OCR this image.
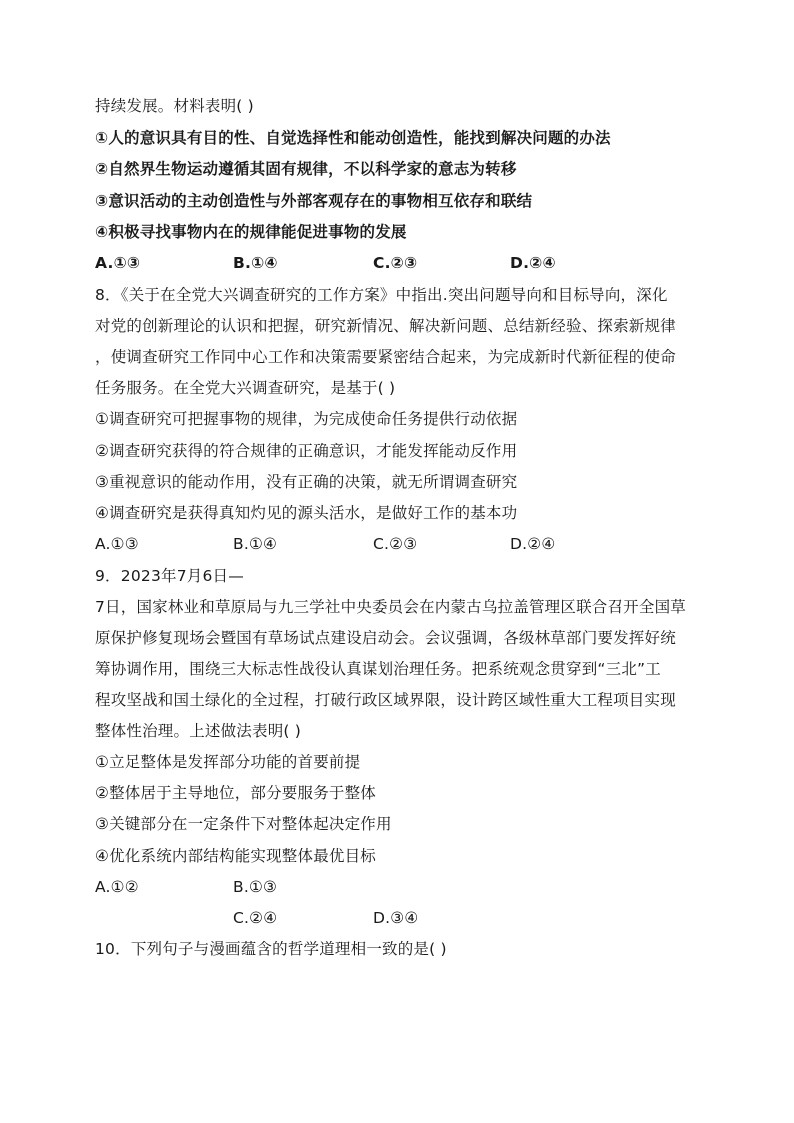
持续发展。材料表明( )
①人的意识具有目的性、自觉选择性和能动创造性，能找到解决问题的办法
②自然界生物运动遵循其固有规律，不以科学家的意志为转移
③意识活动的主动创造性与外部客观存在的事物相互依存和联结
④积极寻找事物内在的规律能促进事物的发展
A.①③	B.①④	C.②③	D.②④
8．《关于在全党大兴调查研究的工作方案》中指出.突出问题导向和目标导向，深化
对党的创新理论的认识和把握，研究新情况、解决新问题、总结新经验、探索新规律
，使调查研究工作同中心工作和决策需要紧密结合起来，为完成新时代新征程的使命
任务服务。在全党大兴调查研究，是基于( )
①调查研究可把握事物的规律，为完成使命任务提供行动依据
②调查研究获得的符合规律的正确意识，才能发挥能动反作用
③重视意识的能动作用，没有正确的决策，就无所谓调查研究
④调查研究是获得真知灼见的源头活水，是做好工作的基本功
A.①③	B.①④	C.②③	D.②④
9．2023年7月6日—
7日，国家林业和草原局与九三学社中央委员会在内蒙古乌拉盖管理区联合召开全国草
原保护修复现场会暨国有草场试点建设启动会。会议强调，各级林草部门要发挥好统
筹协调作用，围绕三大标志性战役认真谋划治理任务。把系统观念贯穿到“三北”工
程攻坚战和国土绿化的全过程，打破行政区域界限，设计跨区域性重大工程项目实现
整体性治理。上述做法表明( )
①立足整体是发挥部分功能的首要前提
②整体居于主导地位，部分要服务于整体
③关键部分在一定条件下对整体起决定作用
④优化系统内部结构能实现整体最优目标
A.①②	B.①③
C.②④	D.③④
10．下列句子与漫画蕴含的哲学道理相一致的是( )
